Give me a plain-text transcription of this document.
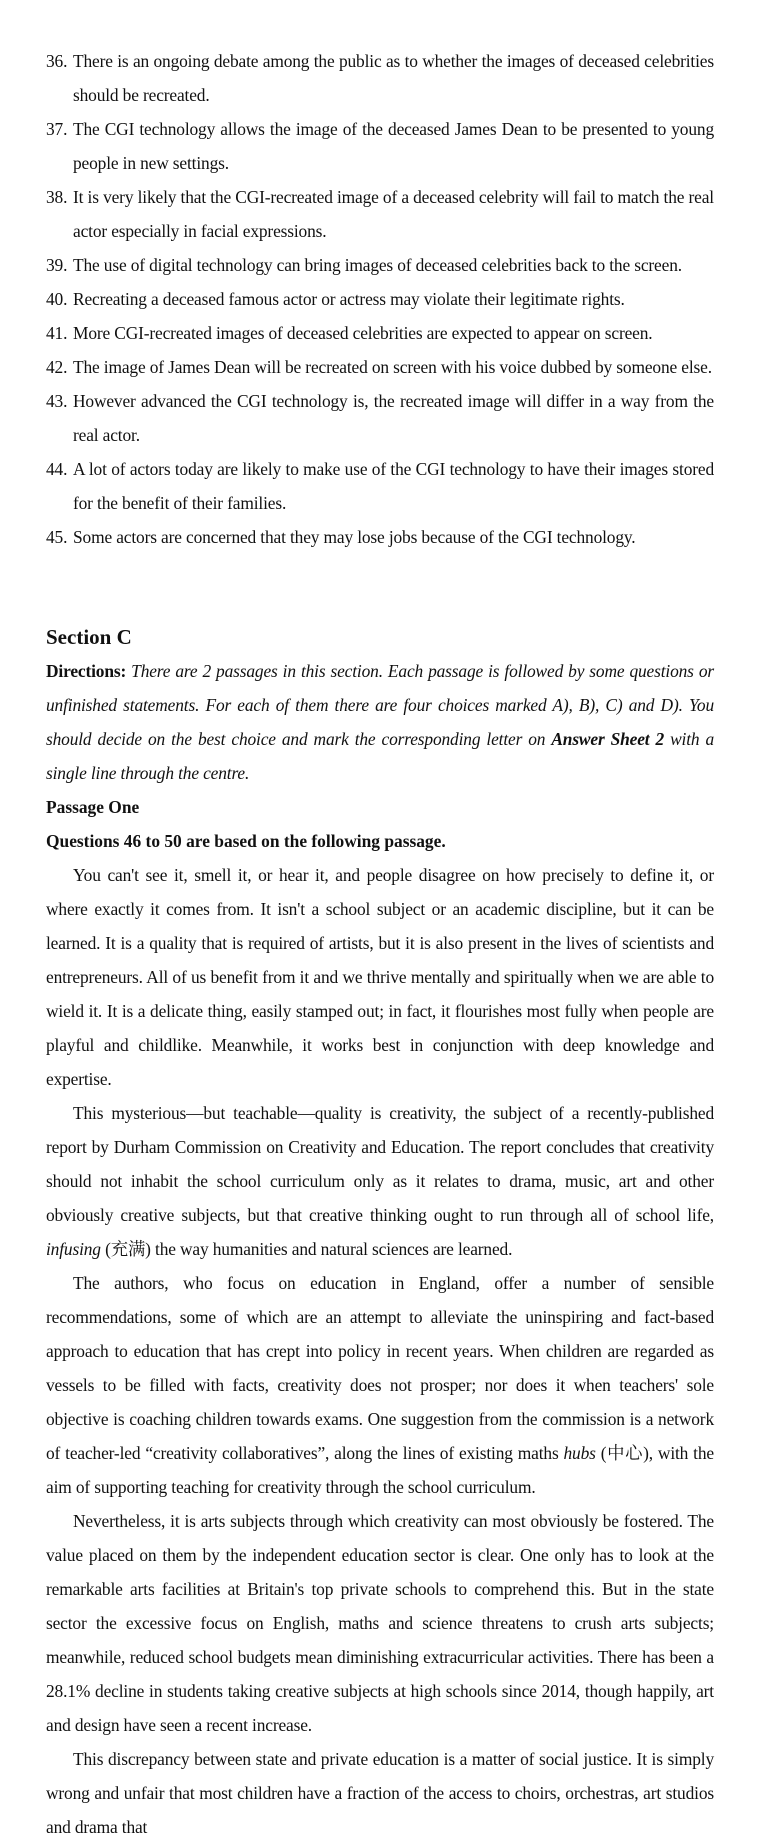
36. There is an ongoing debate among the public as to whether the images of deceased celebrities should be recreated.
37. The CGI technology allows the image of the deceased James Dean to be presented to young people in new settings.
38. It is very likely that the CGI-recreated image of a deceased celebrity will fail to match the real actor especially in facial expressions.
39. The use of digital technology can bring images of deceased celebrities back to the screen.
40. Recreating a deceased famous actor or actress may violate their legitimate rights.
41. More CGI-recreated images of deceased celebrities are expected to appear on screen.
42. The image of James Dean will be recreated on screen with his voice dubbed by someone else.
43. However advanced the CGI technology is, the recreated image will differ in a way from the real actor.
44. A lot of actors today are likely to make use of the CGI technology to have their images stored for the benefit of their families.
45. Some actors are concerned that they may lose jobs because of the CGI technology.
Section C
Directions: There are 2 passages in this section. Each passage is followed by some questions or unfinished statements. For each of them there are four choices marked A), B), C) and D). You should decide on the best choice and mark the corresponding letter on Answer Sheet 2 with a single line through the centre.
Passage One
Questions 46 to 50 are based on the following passage.

You can't see it, smell it, or hear it, and people disagree on how precisely to define it, or where exactly it comes from. It isn't a school subject or an academic discipline, but it can be learned. It is a quality that is required of artists, but it is also present in the lives of scientists and entrepreneurs. All of us benefit from it and we thrive mentally and spiritually when we are able to wield it. It is a delicate thing, easily stamped out; in fact, it flourishes most fully when people are playful and childlike. Meanwhile, it works best in conjunction with deep knowledge and expertise.

This mysterious—but teachable—quality is creativity, the subject of a recently-published report by Durham Commission on Creativity and Education. The report concludes that creativity should not inhabit the school curriculum only as it relates to drama, music, art and other obviously creative subjects, but that creative thinking ought to run through all of school life, infusing (充满) the way humanities and natural sciences are learned.

The authors, who focus on education in England, offer a number of sensible recommendations, some of which are an attempt to alleviate the uninspiring and fact-based approach to education that has crept into policy in recent years. When children are regarded as vessels to be filled with facts, creativity does not prosper; nor does it when teachers' sole objective is coaching children towards exams. One suggestion from the commission is a network of teacher-led “creativity collaboratives”, along the lines of existing maths hubs (中心), with the aim of supporting teaching for creativity through the school curriculum.

Nevertheless, it is arts subjects through which creativity can most obviously be fostered. The value placed on them by the independent education sector is clear. One only has to look at the remarkable arts facilities at Britain's top private schools to comprehend this. But in the state sector the excessive focus on English, maths and science threatens to crush arts subjects; meanwhile, reduced school budgets mean diminishing extracurricular activities. There has been a 28.1% decline in students taking creative subjects at high schools since 2014, though happily, art and design have seen a recent increase.

This discrepancy between state and private education is a matter of social justice. It is simply wrong and unfair that most children have a fraction of the access to choirs, orchestras, art studios and drama that
